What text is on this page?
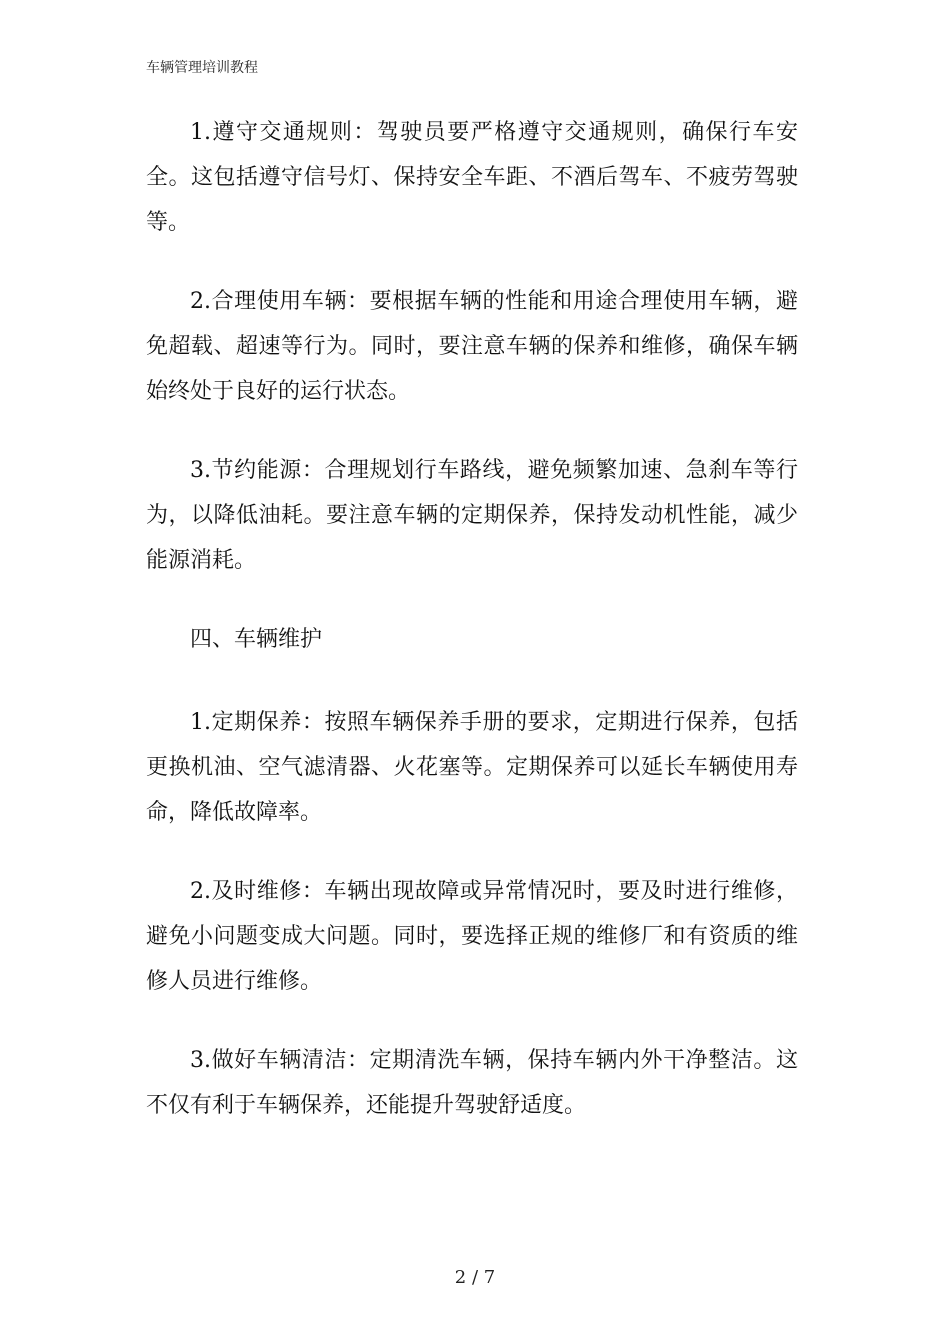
车辆管理培训教程

1.遵守交通规则：驾驶员要严格遵守交通规则，确保行车安全。这包括遵守信号灯、保持安全车距、不酒后驾车、不疲劳驾驶等。

2.合理使用车辆：要根据车辆的性能和用途合理使用车辆，避免超载、超速等行为。同时，要注意车辆的保养和维修，确保车辆始终处于良好的运行状态。

3.节约能源：合理规划行车路线，避免频繁加速、急刹车等行为，以降低油耗。要注意车辆的定期保养，保持发动机性能，减少能源消耗。

四、车辆维护

1.定期保养：按照车辆保养手册的要求，定期进行保养，包括更换机油、空气滤清器、火花塞等。定期保养可以延长车辆使用寿命，降低故障率。

2.及时维修：车辆出现故障或异常情况时，要及时进行维修，避免小问题变成大问题。同时，要选择正规的维修厂和有资质的维修人员进行维修。

3.做好车辆清洁：定期清洗车辆，保持车辆内外干净整洁。这不仅有利于车辆保养，还能提升驾驶舒适度。

2 / 7
